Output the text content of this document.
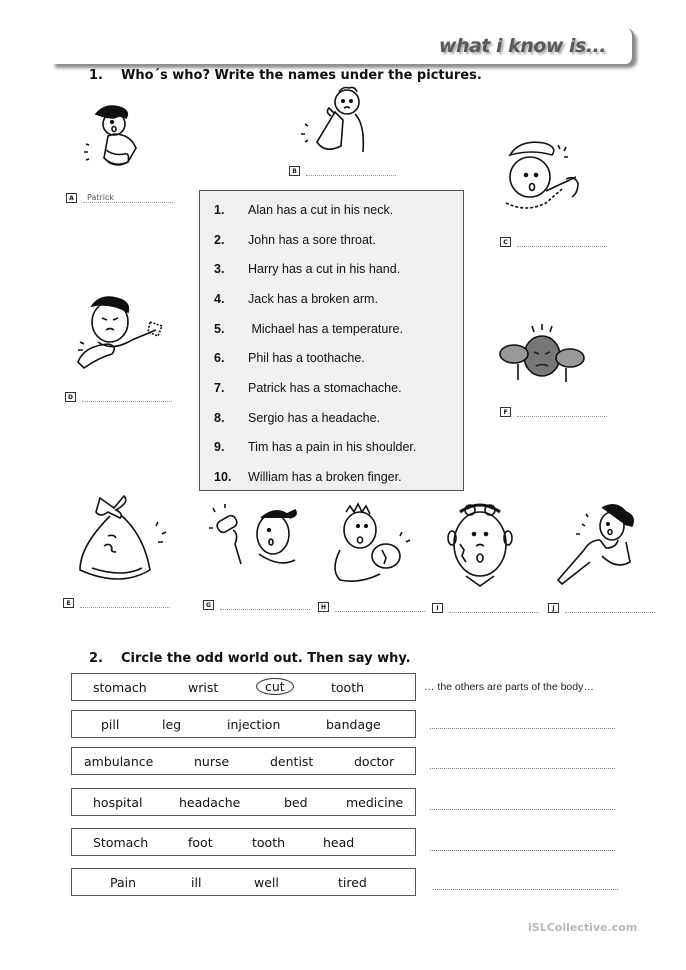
what i know is...
1. Who´s who? Write the names under the pictures.
A	Patrick
B
C
D
F
1.	Alan has a cut in his neck.
2.	John has a sore throat.
3.	Harry has a cut in his hand.
4.	Jack has a broken arm.
5.	Michael has a temperature.
6.	Phil has a toothache.
7.	Patrick has a stomachache.
8.	Sergio has a headache.
9.	Tim has a pain in his shoulder.
10.	William has a broken finger.
E	G	H	I	J
2. Circle the odd world out. Then say why.
stomach	wrist	cut	tooth	… the others are parts of the body…
pill	leg	injection	bandage
ambulance	nurse	dentist	doctor
hospital	headache	bed	medicine
Stomach	foot	tooth	head
Pain	ill	well	tired
iSLCollective.com
